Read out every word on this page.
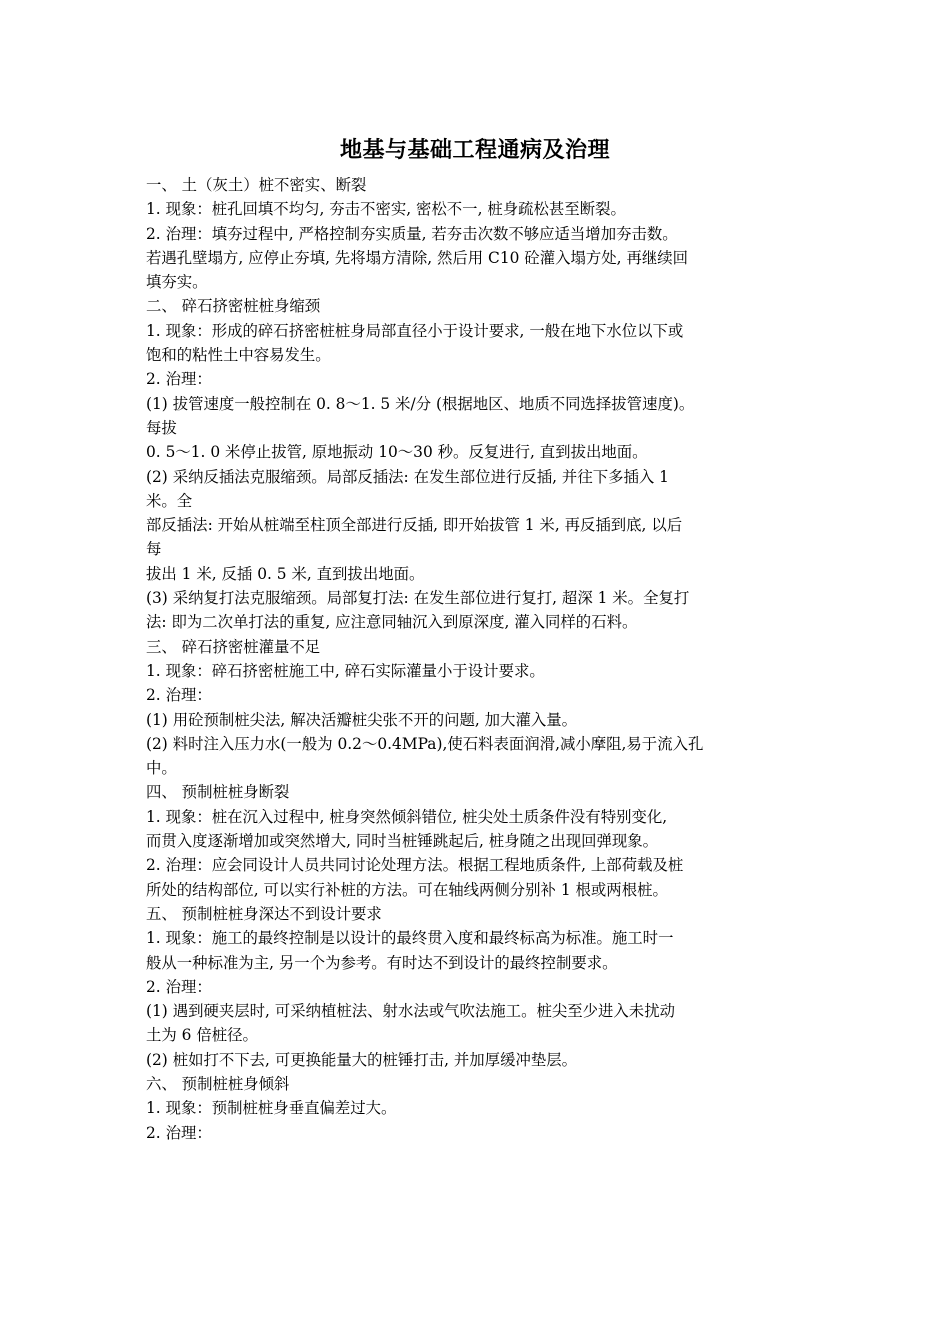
地基与基础工程通病及治理
一、 土（灰土）桩不密实、断裂
1. 现象：桩孔回填不均匀, 夯击不密实, 密松不一, 桩身疏松甚至断裂。
2. 治理：填夯过程中, 严格控制夯实质量, 若夯击次数不够应适当增加夯击数。
若遇孔壁塌方, 应停止夯填, 先将塌方清除, 然后用 C10 砼灌入塌方处, 再继续回
填夯实。
二、 碎石挤密桩桩身缩颈
1. 现象：形成的碎石挤密桩桩身局部直径小于设计要求, 一般在地下水位以下或
饱和的粘性土中容易发生。
2. 治理：
(1) 拔管速度一般控制在 0. 8～1. 5 米/分 (根据地区、地质不同选择拔管速度)。
每拔
0. 5～1. 0 米停止拔管, 原地振动 10～30 秒。反复进行, 直到拔出地面。
(2) 采纳反插法克服缩颈。局部反插法: 在发生部位进行反插, 并往下多插入 1
米。全
部反插法: 开始从桩端至柱顶全部进行反插, 即开始拔管 1 米, 再反插到底, 以后
每
拔出 1 米, 反插 0. 5 米, 直到拔出地面。
(3) 采纳复打法克服缩颈。局部复打法: 在发生部位进行复打, 超深 1 米。全复打
法: 即为二次单打法的重复, 应注意同轴沉入到原深度, 灌入同样的石料。
三、 碎石挤密桩灌量不足
1. 现象：碎石挤密桩施工中, 碎石实际灌量小于设计要求。
2. 治理：
(1) 用砼预制桩尖法, 解决活瓣桩尖张不开的问题, 加大灌入量。
(2) 料时注入压力水(一般为 0.2～0.4MPa),使石料表面润滑,减小摩阻,易于流入孔
中。
四、 预制桩桩身断裂
1. 现象：桩在沉入过程中, 桩身突然倾斜错位, 桩尖处土质条件没有特别变化,
而贯入度逐渐增加或突然增大, 同时当桩锤跳起后, 桩身随之出现回弹现象。
2. 治理：应会同设计人员共同讨论处理方法。根据工程地质条件, 上部荷载及桩
所处的结构部位, 可以实行补桩的方法。可在轴线两侧分别补 1 根或两根桩。
五、 预制桩桩身深达不到设计要求
1. 现象：施工的最终控制是以设计的最终贯入度和最终标高为标准。施工时一
般从一种标准为主, 另一个为参考。有时达不到设计的最终控制要求。
2. 治理：
(1) 遇到硬夹层时, 可采纳植桩法、射水法或气吹法施工。桩尖至少进入未扰动
土为 6 倍桩径。
(2) 桩如打不下去, 可更换能量大的桩锤打击, 并加厚缓冲垫层。
六、 预制桩桩身倾斜
1. 现象：预制桩桩身垂直偏差过大。
2. 治理：
